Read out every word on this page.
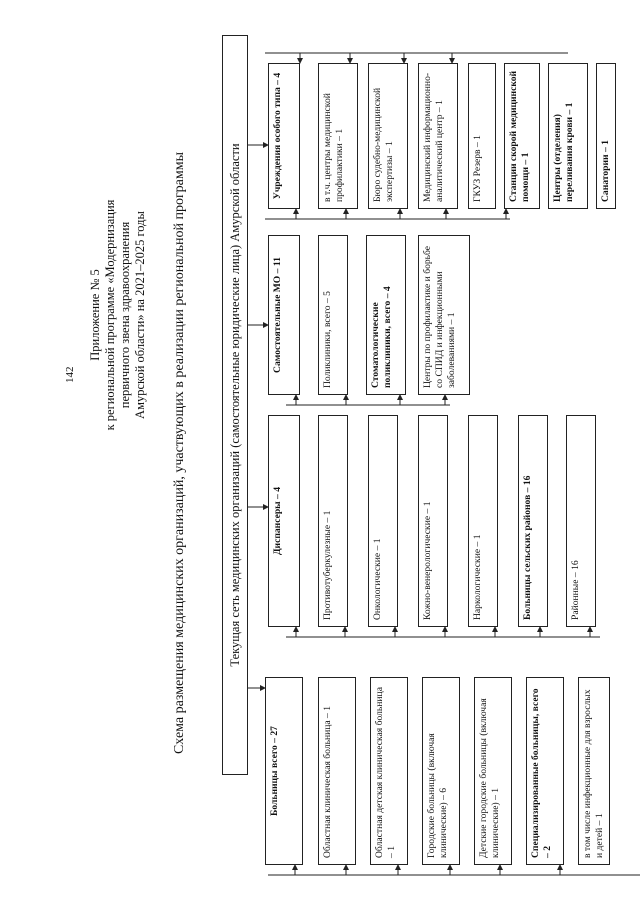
142
Приложение № 5 к региональной программе «Модернизация первичного звена здравоохранения Амурской области» на 2021–2025 годы Схема размещения медицинских организаций, участвующих в реализации региональной программы	Текущая сеть медицинских организаций (самостоятельные юридические лица) Амурской области
Больницы всего – 27	Областная клиническая больница – 1	Областная детская клиническая больница – 1	Городские больницы (включая клинические) – 6	Детские городские больницы (включая клинические) – 1	Специализированные больницы, всего – 2	в том числе инфекционные для взрослых и детей – 1
Диспансеры – 4	Противотуберкулезные – 1	Онкологические – 1	Кожно-венерологические – 1	Наркологические – 1	Больницы сельских районов – 16	Районные – 16
Самостоятельные МО – 11	Поликлиники, всего – 5	Стоматологические поликлиники, всего – 4	Центры по профилактике и борьбе со СПИД и инфекционными заболеваниями – 1
Учреждения особого типа – 4	в т.ч. центры медицинской профилактики – 1	Бюро судебно-медицинской экспертизы – 1	Медицинский информационно-аналитический центр – 1	ГКУЗ Резерв – 1	Станции скорой медицинской помощи – 1 Центры (отделения) переливания крови – 1	Санатории – 1
